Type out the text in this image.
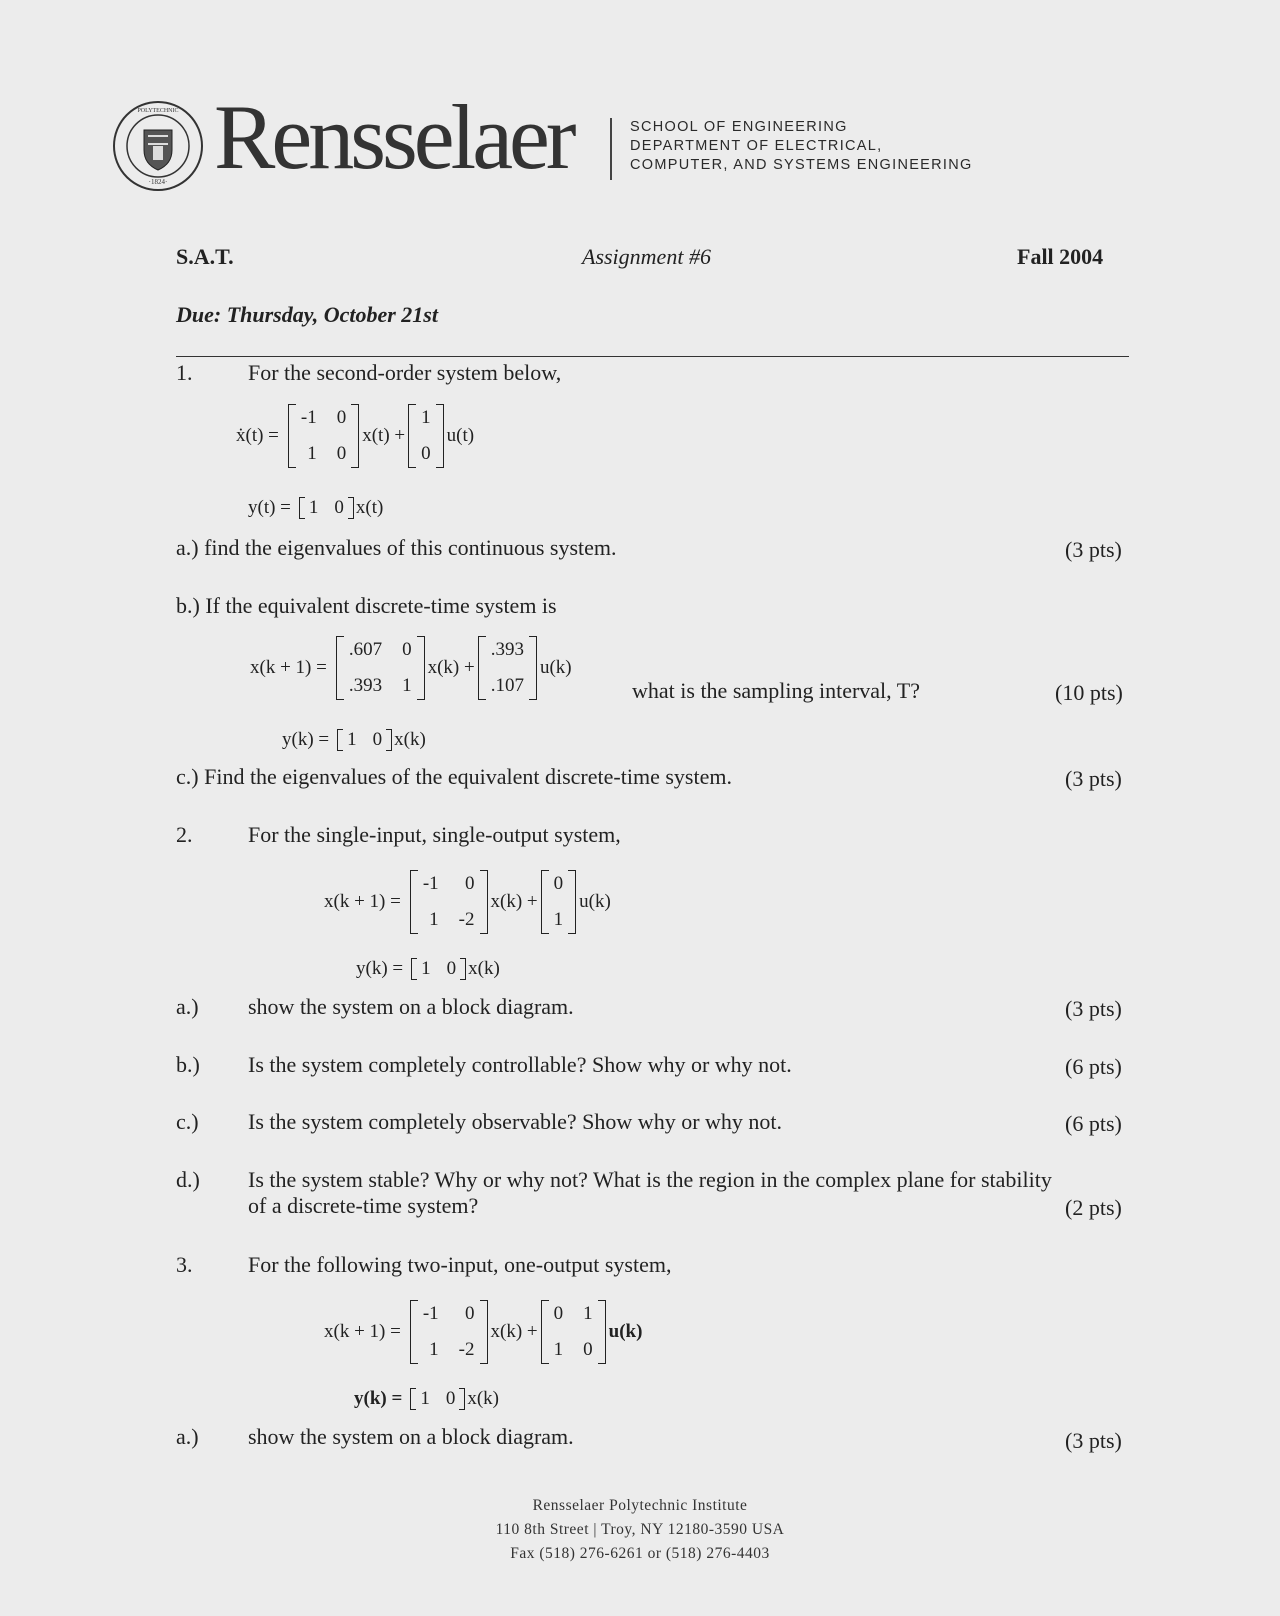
·1824·
POLYTECHNIC Rensselaer	SCHOOL OF ENGINEERING
DEPARTMENT OF ELECTRICAL,
COMPUTER, AND SYSTEMS ENGINEERING
S.A.T.	Assignment #6	Fall 2004
Due: Thursday, October 21st
1.	For the second-order system below,
ẋ(t) =
-1 0
1 0
x(t) +
1
0
u(t)
y(t) = 1 0 x(t)
a.) find the eigenvalues of this continuous system.	(3 pts)
b.) If the equivalent discrete-time system is
x(k + 1) =
.607 0
.393 1
x(k) +
.393
.107
u(k)
what is the sampling interval, T?	(10 pts)
y(k) = 1 0 x(k)
c.) Find the eigenvalues of the equivalent discrete-time system.	(3 pts)
2.	For the single-input, single-output system,
x(k + 1) =
-1 0
1 -2
x(k) +
0
1
u(k)
y(k) = 1 0 x(k)
a.) show the system on a block diagram.	(3 pts)
b.) Is the system completely controllable? Show why or why not.	(6 pts)
c.) Is the system completely observable? Show why or why not.	(6 pts)
d.) Is the system stable? Why or why not? What is the region in the complex plane for stability
of a discrete-time system?	(2 pts)
3.	For the following two-input, one-output system,
x(k + 1) =
-1 0
1 -2
x(k) +
0 1
1 0
u(k)
y(k) = 1 0 x(k)
a.) show the system on a block diagram.	(3 pts)
Rensselaer Polytechnic Institute
110 8th Street | Troy, NY 12180-3590 USA
Fax (518) 276-6261 or (518) 276-4403
